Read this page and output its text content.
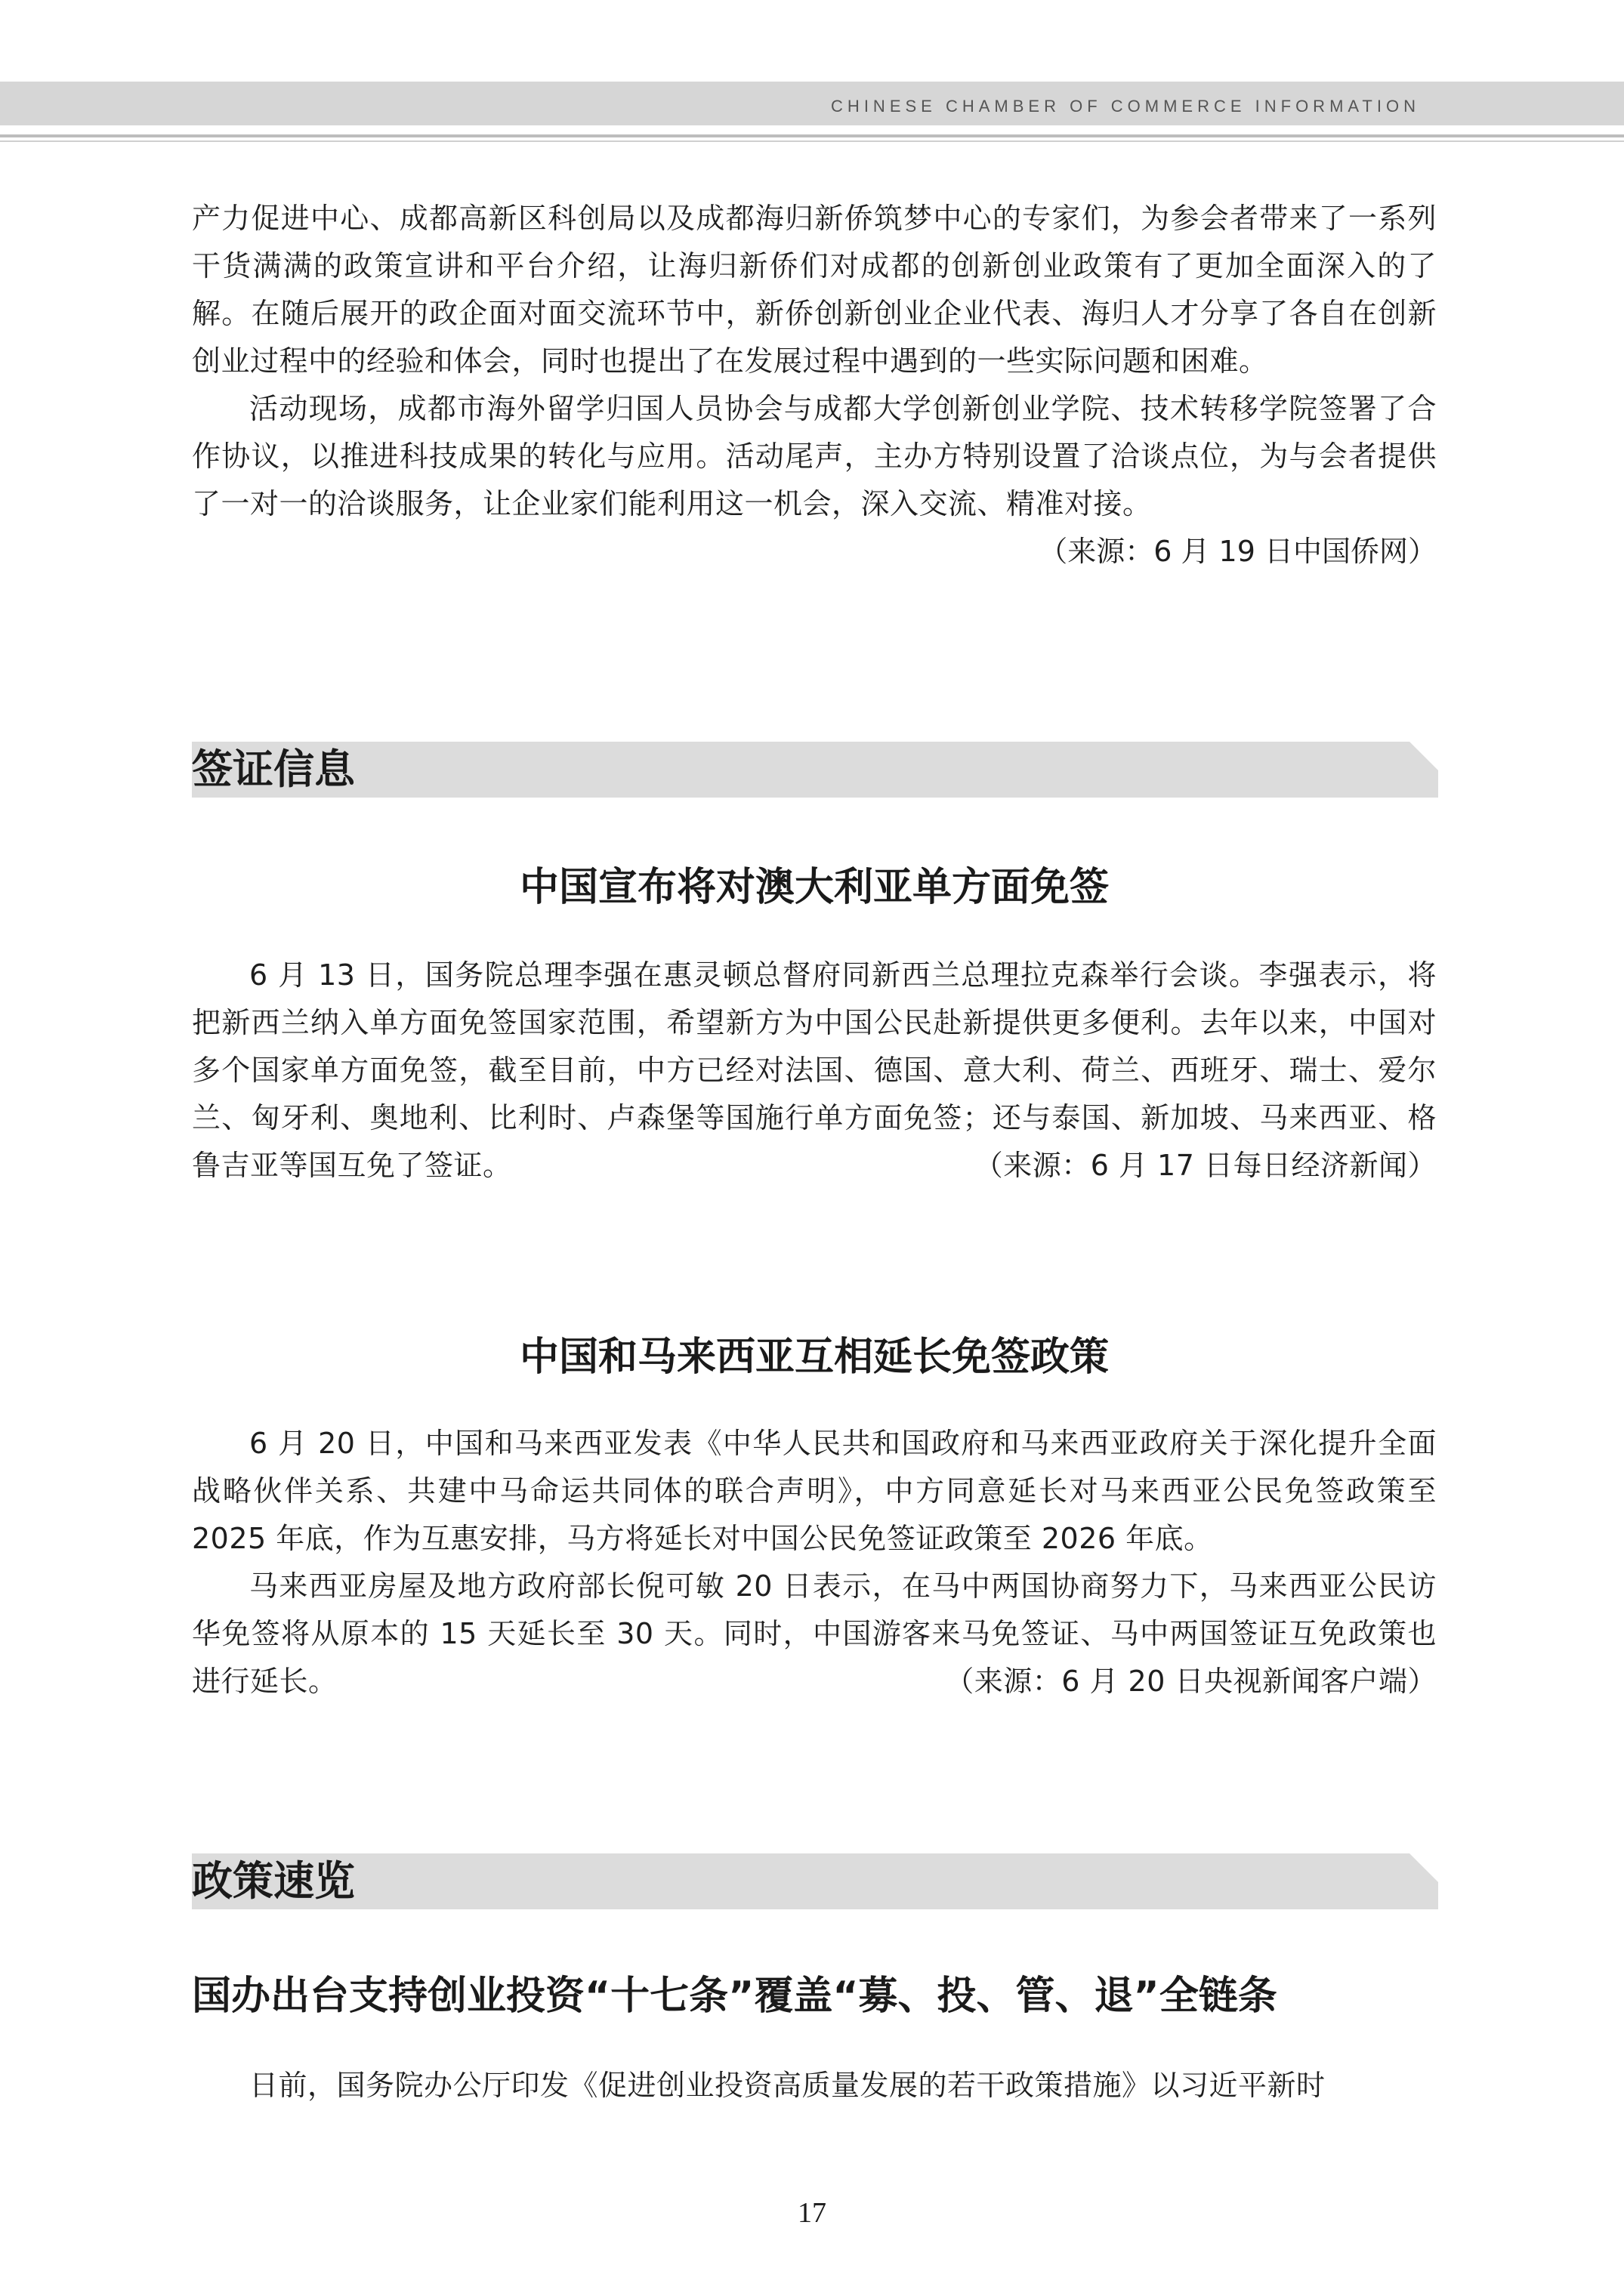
CHINESE CHAMBER OF COMMERCE INFORMATION

产力促进中心、成都高新区科创局以及成都海归新侨筑梦中心的专家们，为参会者带来了一系列干货满满的政策宣讲和平台介绍，让海归新侨们对成都的创新创业政策有了更加全面深入的了解。在随后展开的政企面对面交流环节中，新侨创新创业企业代表、海归人才分享了各自在创新创业过程中的经验和体会，同时也提出了在发展过程中遇到的一些实际问题和困难。

活动现场，成都市海外留学归国人员协会与成都大学创新创业学院、技术转移学院签署了合作协议，以推进科技成果的转化与应用。活动尾声，主办方特别设置了洽谈点位，为与会者提供了一对一的洽谈服务，让企业家们能利用这一机会，深入交流、精准对接。

（来源：6 月 19 日中国侨网）

签证信息
中国宣布将对澳大利亚单方面免签

6 月 13 日，国务院总理李强在惠灵顿总督府同新西兰总理拉克森举行会谈。李强表示，将把新西兰纳入单方面免签国家范围，希望新方为中国公民赴新提供更多便利。去年以来，中国对多个国家单方面免签，截至目前，中方已经对法国、德国、意大利、荷兰、西班牙、瑞士、爱尔兰、匈牙利、奥地利、比利时、卢森堡等国施行单方面免签；还与泰国、新加坡、马来西亚、格鲁吉亚等国互免了签证。	（来源：6 月 17 日每日经济新闻）

中国和马来西亚互相延长免签政策

6 月 20 日，中国和马来西亚发表《中华人民共和国政府和马来西亚政府关于深化提升全面战略伙伴关系、共建中马命运共同体的联合声明》，中方同意延长对马来西亚公民免签政策至 2025 年底，作为互惠安排，马方将延长对中国公民免签证政策至 2026 年底。

马来西亚房屋及地方政府部长倪可敏 20 日表示，在马中两国协商努力下，马来西亚公民访华免签将从原本的 15 天延长至 30 天。同时，中国游客来马免签证、马中两国签证互免政策也进行延长。	（来源：6 月 20 日央视新闻客户端）

政策速览
国办出台支持创业投资“十七条”覆盖“募、投、管、退”全链条

日前，国务院办公厅印发《促进创业投资高质量发展的若干政策措施》以习近平新时

17
